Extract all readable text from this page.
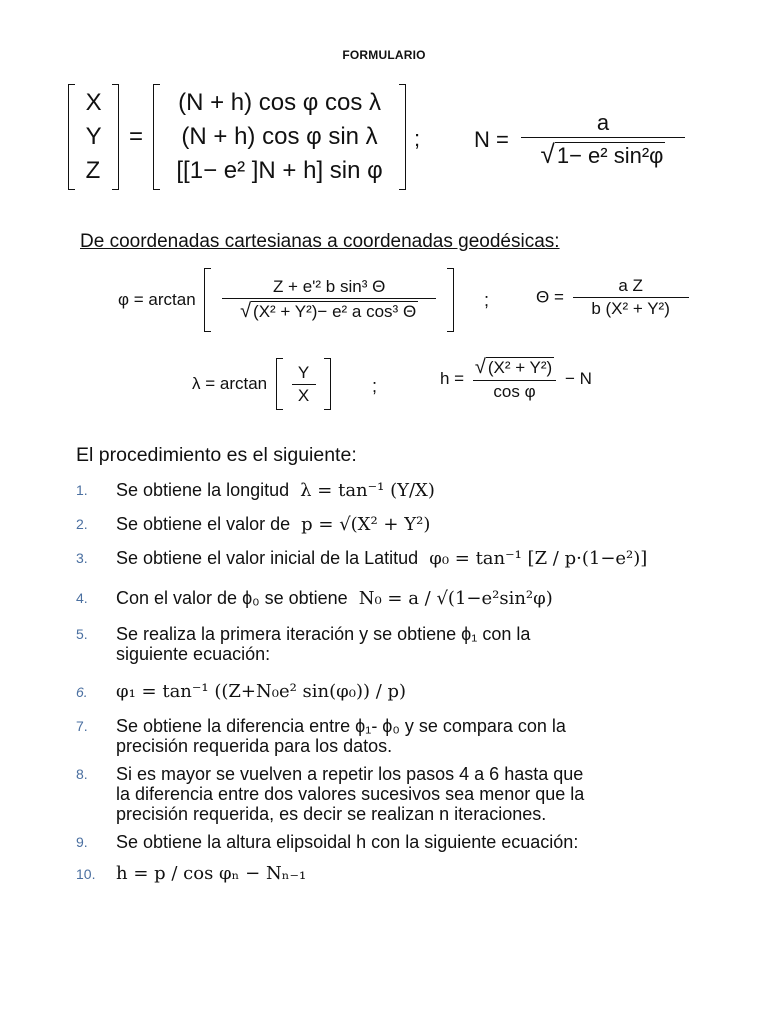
FORMULARIO

X
Y
Z
=
(N + h) cos φ cos λ
(N + h) cos φ sin λ
[[1− e² ]N + h] sin φ

; $N = \frac{a}{\text{√1− e² sin²φ}}$
De coordenadas cartesianas a coordenadas geodésicas:
$\varphi = \arctan \frac{\text{Z + e'² b sin³ Θ}}{\text{√ (X² + Y²)− e² a cos³ Θ}}$
	;	$\Theta = \frac{\text{a Z}}{\text{b (X² + Y²)}}$
$\lambda = \arctan \frac{Y}{X}$
	;	$h = \frac{\text{√ (X² + Y²)}}{\text{cos φ}} - N$
El procedimiento es el siguiente:
1.	Se obtiene la longitud λ = tan⁻¹ (Y/X)
2.	Se obtiene el valor de p = √(X² + Y²)
3.	Se obtiene el valor inicial de la Latitud φ₀ = tan⁻¹ [Z / p·(1−e²)]
4.	Con el valor de ϕ₀ se obtiene N₀ = a / √(1−e²sin²φ)
5.	Se realiza la primera iteración y se obtiene ϕ₁ con la
siguiente ecuación:
6.	φ₁ = tan⁻¹ ((Z+N₀e² sin(φ₀)) / p)
7.	Se obtiene la diferencia entre ϕ₁- ϕ₀ y se compara con la
precisión requerida para los datos.
8.	Si es mayor se vuelven a repetir los pasos 4 a 6 hasta que
la diferencia entre dos valores sucesivos sea menor que la
precisión requerida, es decir se realizan n iteraciones.
9.	Se obtiene la altura elipsoidal h con la siguiente ecuación:
10.	h = p / cos φₙ − Nₙ₋₁
